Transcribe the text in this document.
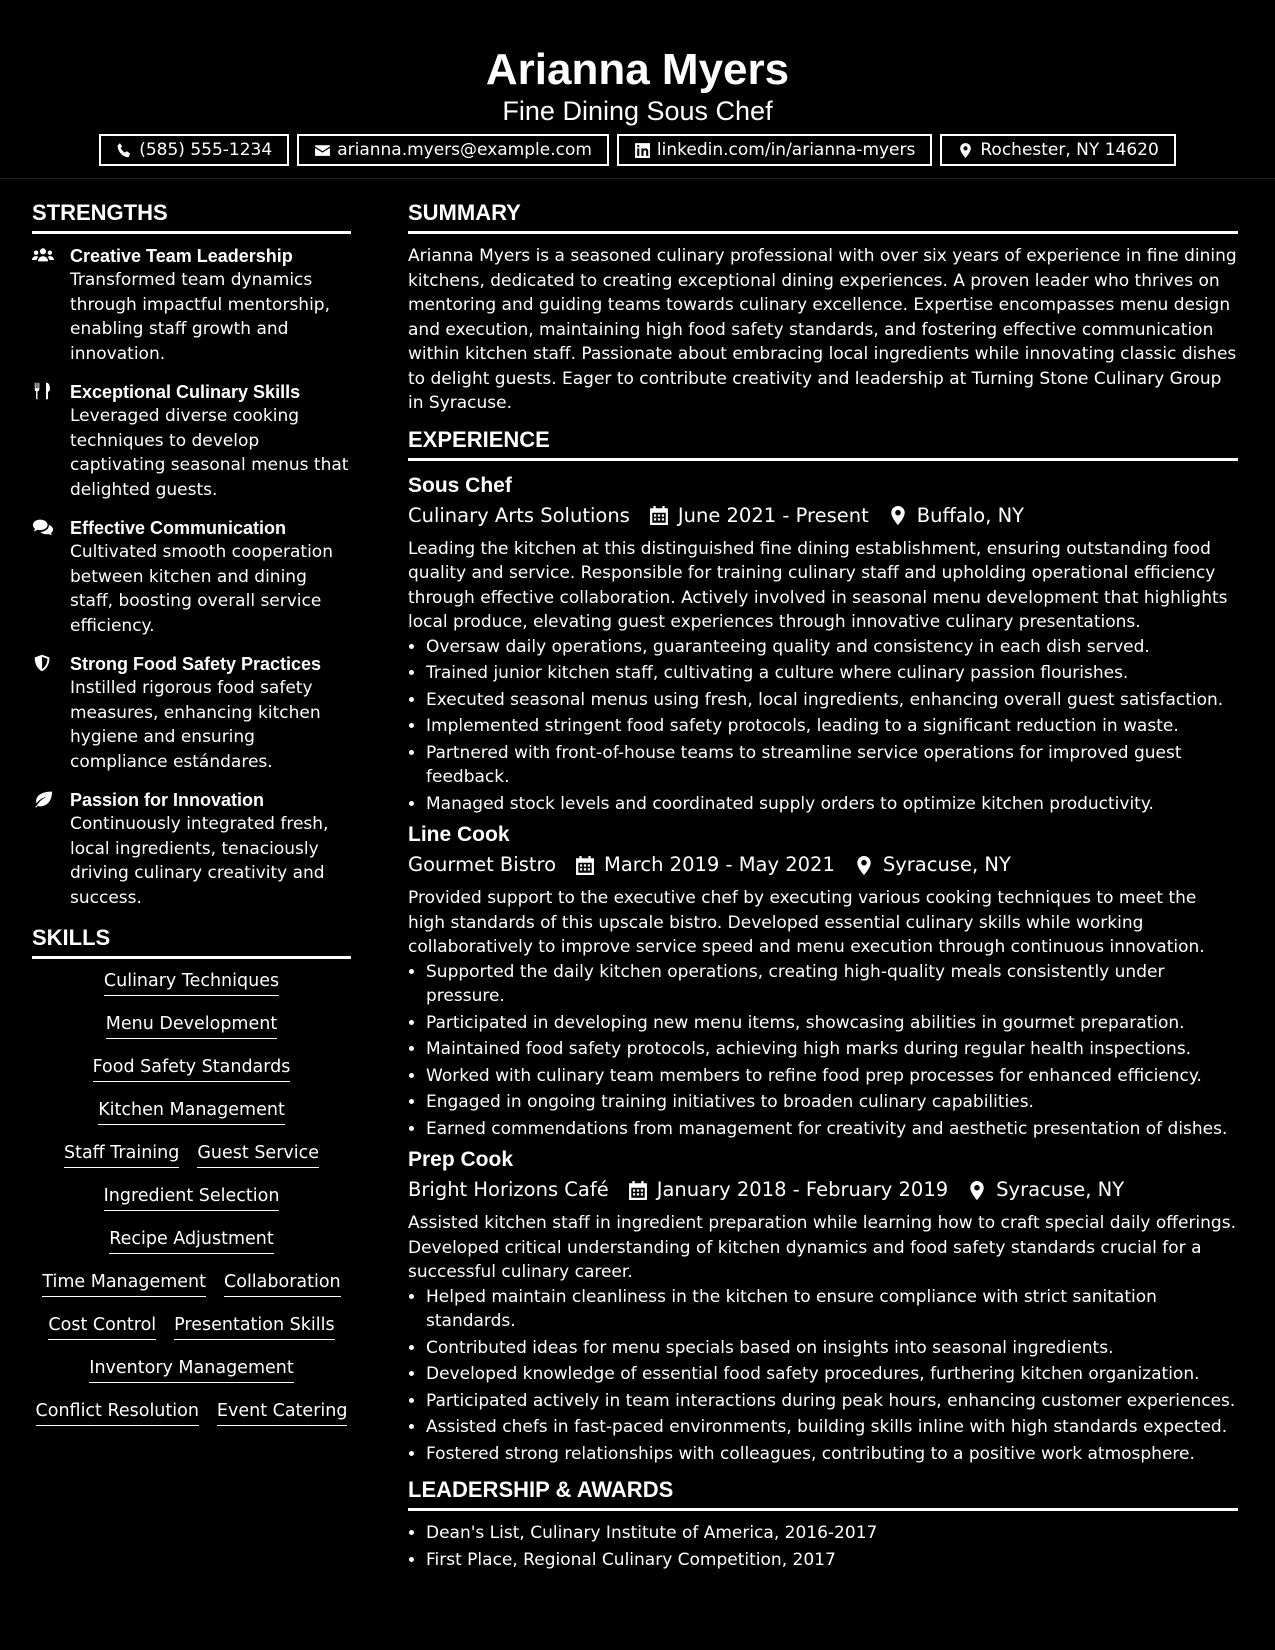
Arianna Myers
Fine Dining Sous Chef
(585) 555-1234	arianna.myers@example.com	linkedin.com/in/arianna-myers	Rochester, NY 14620
STRENGTHS
Creative Team Leadership
Transformed team dynamics through impactful mentorship, enabling staff growth and innovation.
Exceptional Culinary Skills
Leveraged diverse cooking techniques to develop captivating seasonal menus that delighted guests.
Effective Communication
Cultivated smooth cooperation between kitchen and dining staff, boosting overall service efficiency.
Strong Food Safety Practices
Instilled rigorous food safety measures, enhancing kitchen hygiene and ensuring compliance estándares.
Passion for Innovation
Continuously integrated fresh, local ingredients, tenaciously driving culinary creativity and success.
SKILLS
Culinary Techniques
Menu Development
Food Safety Standards
Kitchen Management
Staff Training Guest Service
Ingredient Selection
Recipe Adjustment
Time Management Collaboration
Cost Control Presentation Skills
Inventory Management
Conflict Resolution Event Catering
SUMMARY

Arianna Myers is a seasoned culinary professional with over six years of experience in fine dining kitchens, dedicated to creating exceptional dining experiences. A proven leader who thrives on mentoring and guiding teams towards culinary excellence. Expertise encompasses menu design and execution, maintaining high food safety standards, and fostering effective communication within kitchen staff. Passionate about embracing local ingredients while innovating classic dishes to delight guests. Eager to contribute creativity and leadership at Turning Stone Culinary Group in Syracuse.

EXPERIENCE
Sous Chef
Culinary Arts Solutions June 2021 - Present Buffalo, NY
Leading the kitchen at this distinguished fine dining establishment, ensuring outstanding food quality and service. Responsible for training culinary staff and upholding operational efficiency through effective collaboration. Actively involved in seasonal menu development that highlights local produce, elevating guest experiences through innovative culinary presentations.
• Oversaw daily operations, guaranteeing quality and consistency in each dish served.
• Trained junior kitchen staff, cultivating a culture where culinary passion flourishes.
• Executed seasonal menus using fresh, local ingredients, enhancing overall guest satisfaction.
• Implemented stringent food safety protocols, leading to a significant reduction in waste.
• Partnered with front-of-house teams to streamline service operations for improved guest feedback.
• Managed stock levels and coordinated supply orders to optimize kitchen productivity.
Line Cook
Gourmet Bistro March 2019 - May 2021 Syracuse, NY
Provided support to the executive chef by executing various cooking techniques to meet the high standards of this upscale bistro. Developed essential culinary skills while working collaboratively to improve service speed and menu execution through continuous innovation.
• Supported the daily kitchen operations, creating high-quality meals consistently under pressure.
• Participated in developing new menu items, showcasing abilities in gourmet preparation.
• Maintained food safety protocols, achieving high marks during regular health inspections.
• Worked with culinary team members to refine food prep processes for enhanced efficiency.
• Engaged in ongoing training initiatives to broaden culinary capabilities.
• Earned commendations from management for creativity and aesthetic presentation of dishes.
Prep Cook
Bright Horizons Café January 2018 - February 2019 Syracuse, NY
Assisted kitchen staff in ingredient preparation while learning how to craft special daily offerings. Developed critical understanding of kitchen dynamics and food safety standards crucial for a successful culinary career.
• Helped maintain cleanliness in the kitchen to ensure compliance with strict sanitation standards.
• Contributed ideas for menu specials based on insights into seasonal ingredients.
• Developed knowledge of essential food safety procedures, furthering kitchen organization.
• Participated actively in team interactions during peak hours, enhancing customer experiences.
• Assisted chefs in fast-paced environments, building skills inline with high standards expected.
• Fostered strong relationships with colleagues, contributing to a positive work atmosphere.
LEADERSHIP & AWARDS
• Dean's List, Culinary Institute of America, 2016-2017
• First Place, Regional Culinary Competition, 2017
